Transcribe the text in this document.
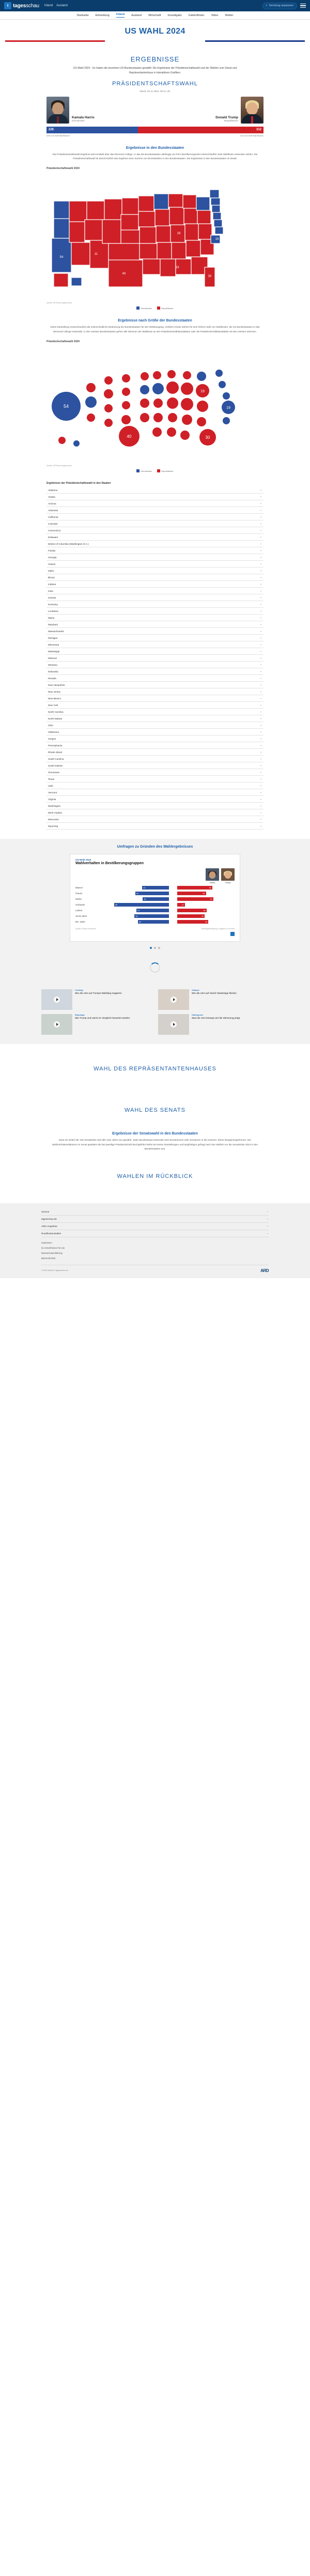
t tagesschau Inland Ausland	⌕ Sendung anpassen
Startseite Eilmeldung Inland Ausland Wirtschaft Investigativ Faktenfinder Video Wetter
US WAHL 2024
ERGEBNISSE

US-Wahl 2024 - So haben die einzelnen US-Bundesstaaten gewählt: Die Ergebnisse der Präsidentschaftswahl und der Wahlen zum Senat und Repräsentantenhaus in interaktiven Grafiken.

PRÄSIDENTSCHAFTSWAHL
Stand: 20.11.2024, 08:11 Uhr
Kamala Harris
Demokraten
Donald Trump
Republikaner
226	312
226 von 538 Wahlleuten	312 von 538 Wahlleuten
Ergebnisse in den Bundesstaaten

Das Präsidentschaftswahl-Ergebnis wird ermittelt über das Electoral College. In das die Bundesstaaten abhängig von ihrer Bevölkerungszahl unterschiedlich viele Wahlleute entsenden dürfen. Die Präsidentschaftswahl ist damit letztlich das Ergebnis einer Summe von Einzelwahlen in den Bundesstaaten. Die Ergebnisse in den Bundesstaaten im Detail.

Präsidentschaftswahl 2024
54
40
19
30
19
11
16
Quelle: AP/News.tagesschau
Demokraten	Republikaner
Ergebnisse nach Größe der Bundesstaaten

Diese Darstellung veranschaulicht die unterschiedliche Bedeutung der Bundesstaaten für den Wahlausgang. Größere Kreise stehen für eine höhere Zahl von Wahlleuten, die ein Bundesstaaten in das Electoral College entsendet. In den meisten Bundesstaaten gehen alle Stimmen der Wahlleute an den Präsidentschaftskandidaten oder die Präsidentschaftskandidatin mit den meisten Stimmen.

Präsidentschaftswahl 2024
54
40
19
30
19
Quelle: AP/News.tagesschau
Demokraten	Republikaner
Ergebnisse der Präsidentschaftswahl in den Staaten
Alabama	⌄
Alaska	⌄
Arizona	⌄
Arkansas	⌄
California	⌄
Colorado	⌄
Connecticut	⌄
Delaware	⌄
District of Columbia (Washington D.C.)	⌄
Florida	⌄
Georgia	⌄
Hawaii	⌄
Idaho	⌄
Illinois	⌄
Indiana	⌄
Iowa	⌄
Kansas	⌄
Kentucky	⌄
Louisiana	⌄
Maine	⌄
Maryland	⌄
Massachusetts	⌄
Michigan	⌄
Minnesota	⌄
Mississippi	⌄
Missouri	⌄
Montana	⌄
Nebraska	⌄
Nevada	⌄
New Hampshire	⌄
New Jersey	⌄
New Mexico	⌄
New York	⌄
North Carolina	⌄
North Dakota	⌄
Ohio	⌄
Oklahoma	⌄
Oregon	⌄
Pennsylvania	⌄
Rhode Island	⌄
South Carolina	⌄
South Dakota	⌄
Tennessee	⌄
Texas	⌄
Utah	⌄
Vermont	⌄
Virginia	⌄
Washington	⌄
West Virginia	⌄
Wisconsin	⌄
Wyoming	⌄
Umfragen zu Gründen des Wahlergebnisses
US-Wahl 2024
Wahlverhalten in Bevölkerungsgruppen
Harris	Trump
Männer	42	55
Frauen	53	45
Weiße	41	57
Schwarze	86	12
Latinos	51	46
18-29 Jahre	54	43
65+ Jahre	49	49
Quelle: Edison Research	Wahltagsbefragung, Angaben in Prozent
Liveblog
Wie die USA auf Trumps Wahlsieg reagieren
Analyse
Wie die USA auf Harris' Niederlage blicken
Reportage
Wie Trump und Harris im Vergleich bewertet werden
Hintergrund
Was die USA bewegt und die Stimmung prägt
WAHL DES REPRÄSENTANTENHAUSES
WAHL DES SENATS
Ergebnisse der Senatswahl in den Bundesstaaten

Etwa ein Drittel der 100 Senatssitze wird alle zwei Jahre neu gewählt. Jeder Bundesstaat entsendet zwei Senatorinnen oder Senatoren in die Kammer. Diese Ranganzeigeformen: Der Wahlverhaltensfaktoren im Senat gestalten die bei jeweilige Präsidentschaft durchgeführt Reihe bei seiner Darstellungen und langfristigen gefragt nach den Wahlen vor die Senatssitze 2024 in den Bundesstaaten aus.

WAHLEN IM RÜCKBLICK
Service	⌄
tagesschau.de	⌄
ARD-Angebote	⌄
Rundfunkanstalten	⌄
Impressum
Zu Unserthemen für uns
Datenschutzerklärung
Barrierefreiheit
© ARD-aktuell / tagesschau.de	ARD
